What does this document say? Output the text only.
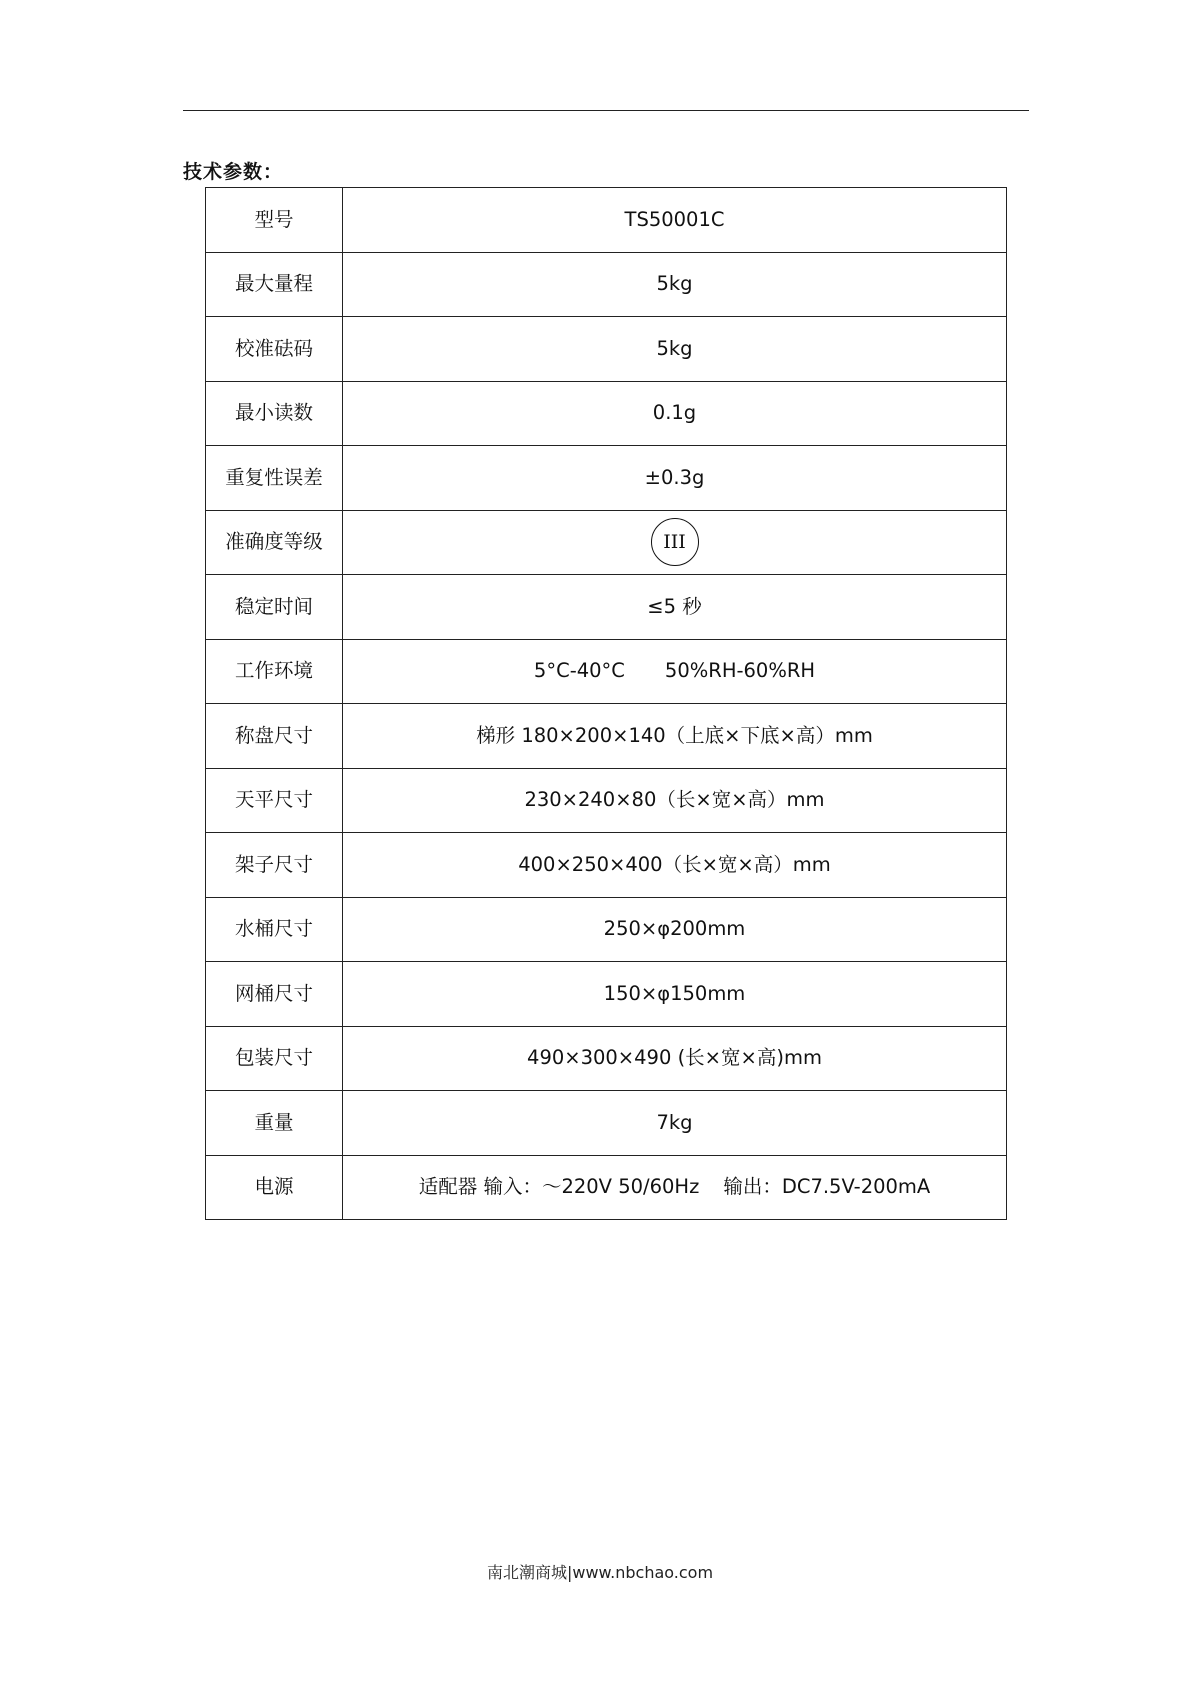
技术参数：
型号	TS50001C
最大量程	5kg
校准砝码	5kg
最小读数	0.1g
重复性误差	±0.3g
准确度等级	III
稳定时间	≤5 秒
工作环境	5°C-40°C 50%RH-60%RH
称盘尺寸	梯形 180×200×140（上底×下底×高）mm
天平尺寸	230×240×80（长×宽×高）mm
架子尺寸	400×250×400（长×宽×高）mm
水桶尺寸	250×φ200mm
网桶尺寸	150×φ150mm
包装尺寸	490×300×490 (长×宽×高)mm
重量	7kg
电源	适配器 输入：～220V 50/60Hz 输出：DC7.5V-200mA
南北潮商城|www.nbchao.com
